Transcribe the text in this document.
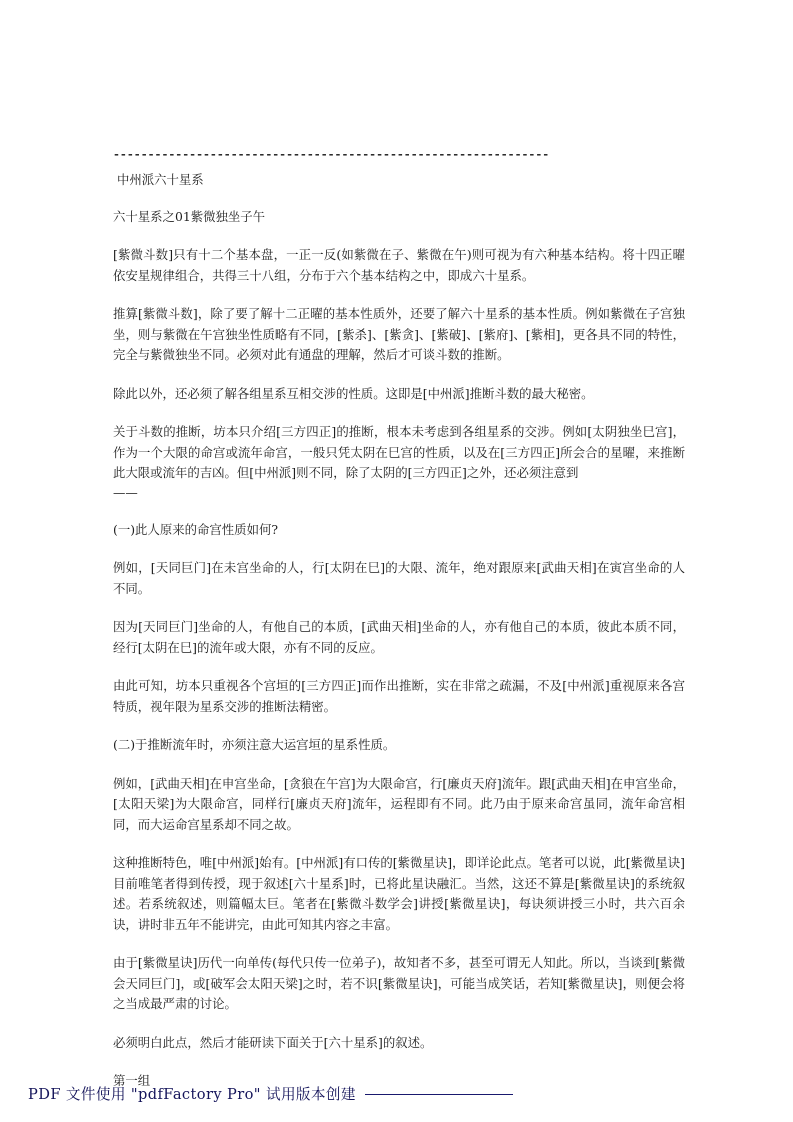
---------------------------------------------------------------

中州派六十星系

六十星系之01紫微独坐子午

[紫微斗数]只有十二个基本盘，一正一反(如紫微在子、紫微在午)则可视为有六种基本结构。将十四正曜依安星规律组合，共得三十八组，分布于六个基本结构之中，即成六十星系。

推算[紫微斗数]，除了要了解十二正曜的基本性质外，还要了解六十星系的基本性质。例如紫微在子宫独坐，则与紫微在午宫独坐性质略有不同，[紫杀]、[紫贪]、[紫破]、[紫府]、[紫相]，更各具不同的特性，完全与紫微独坐不同。必须对此有通盘的理解，然后才可谈斗数的推断。

除此以外，还必须了解各组星系互相交涉的性质。这即是[中州派]推断斗数的最大秘密。

关于斗数的推断，坊本只介绍[三方四正]的推断，根本未考虑到各组星系的交涉。例如[太阴独坐巳宫]，作为一个大限的命宫或流年命宫，一般只凭太阴在巳宫的性质，以及在[三方四正]所会合的星曜，来推断此大限或流年的吉凶。但[中州派]则不同，除了太阴的[三方四正]之外，还必须注意到

——

(一)此人原来的命宫性质如何?

例如，[天同巨门]在未宫坐命的人，行[太阴在巳]的大限、流年，绝对跟原来[武曲天相]在寅宫坐命的人不同。

因为[天同巨门]坐命的人，有他自己的本质，[武曲天相]坐命的人，亦有他自己的本质，彼此本质不同，经行[太阴在巳]的流年或大限，亦有不同的反应。

由此可知，坊本只重视各个宫垣的[三方四正]而作出推断，实在非常之疏漏，不及[中州派]重视原来各宫特质，视年限为星系交涉的推断法精密。

(二)于推断流年时，亦须注意大运宫垣的星系性质。

例如，[武曲天相]在申宫坐命，[贪狼在午宫]为大限命宫，行[廉贞天府]流年。跟[武曲天相]在申宫坐命，[太阳天梁]为大限命宫，同样行[廉贞天府]流年，运程即有不同。此乃由于原来命宫虽同，流年命宫相同，而大运命宫星系却不同之故。

这种推断特色，唯[中州派]始有。[中州派]有口传的[紫微星诀]，即详论此点。笔者可以说，此[紫微星诀]目前唯笔者得到传授，现于叙述[六十星系]时，已将此星诀融汇。当然，这还不算是[紫微星诀]的系统叙述。若系统叙述，则篇幅太巨。笔者在[紫微斗数学会]讲授[紫微星诀]，每诀须讲授三小时，共六百余诀，讲时非五年不能讲完，由此可知其内容之丰富。

由于[紫微星诀]历代一向单传(每代只传一位弟子)，故知者不多，甚至可谓无人知此。所以，当谈到[紫微会天同巨门]，或[破军会太阳天梁]之时，若不识[紫微星诀]，可能当成笑话，若知[紫微星诀]，则便会将之当成最严肃的讨论。

必须明白此点，然后才能研读下面关于[六十星系]的叙述。

第一组

PDF 文件使用 "pdfFactory Pro" 试用版本创建
